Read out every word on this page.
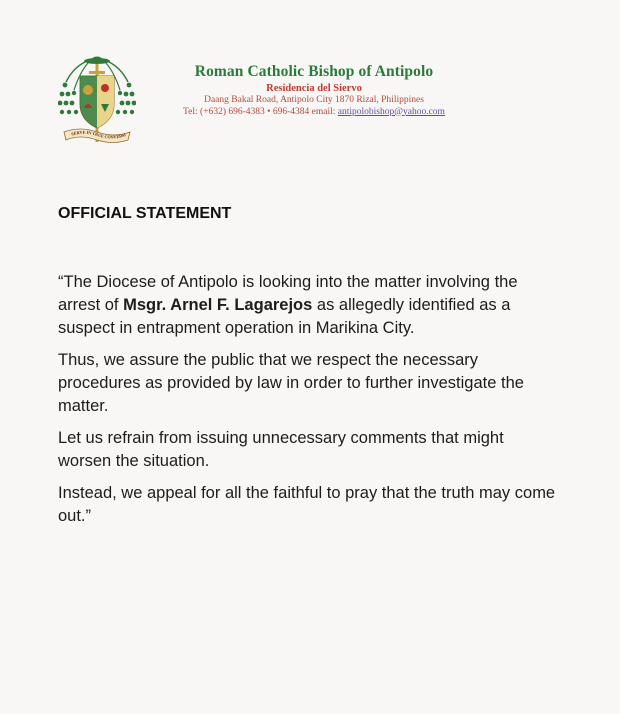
SERVE IN TRUE CONVERSI
Roman Catholic Bishop of Antipolo
Residencia del Siervo
Daang Bakal Road, Antipolo City 1870 Rizal, Philippines
Tel: (+632) 696-4383 • 696-4384 email: antipolobishop@yahoo.com
OFFICIAL STATEMENT

“The Diocese of Antipolo is looking into the matter involving the arrest of Msgr. Arnel F. Lagarejos as allegedly identified as a suspect in entrapment operation in Marikina City.

Thus, we assure the public that we respect the necessary procedures as provided by law in order to further investigate the matter.

Let us refrain from issuing unnecessary comments that might worsen the situation.

Instead, we appeal for all the faithful to pray that the truth may come out.”
